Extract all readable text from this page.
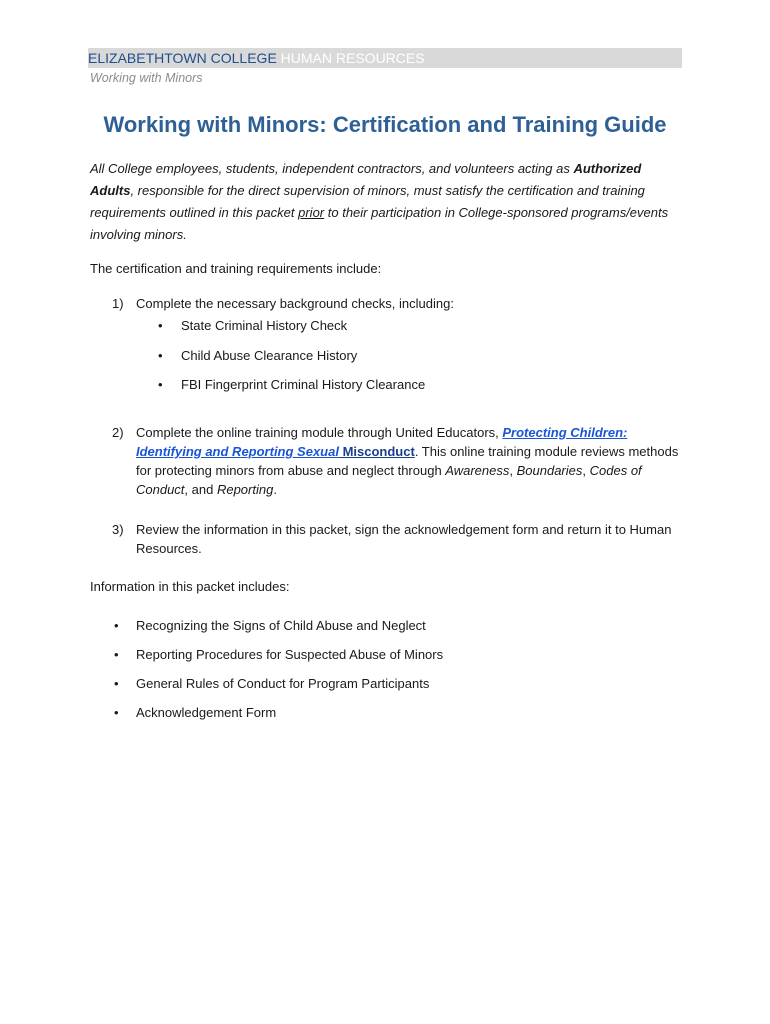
ELIZABETHTOWN COLLEGE HUMAN RESOURCES
Working with Minors
Working with Minors: Certification and Training Guide
All College employees, students, independent contractors, and volunteers acting as Authorized Adults, responsible for the direct supervision of minors, must satisfy the certification and training requirements outlined in this packet prior to their participation in College-sponsored programs/events involving minors.
The certification and training requirements include:
1) Complete the necessary background checks, including:
• State Criminal History Check
• Child Abuse Clearance History
• FBI Fingerprint Criminal History Clearance
2) Complete the online training module through United Educators, Protecting Children: Identifying and Reporting Sexual Misconduct. This online training module reviews methods for protecting minors from abuse and neglect through Awareness, Boundaries, Codes of Conduct, and Reporting.
3) Review the information in this packet, sign the acknowledgement form and return it to Human Resources.
Information in this packet includes:
• Recognizing the Signs of Child Abuse and Neglect
• Reporting Procedures for Suspected Abuse of Minors
• General Rules of Conduct for Program Participants
• Acknowledgement Form
